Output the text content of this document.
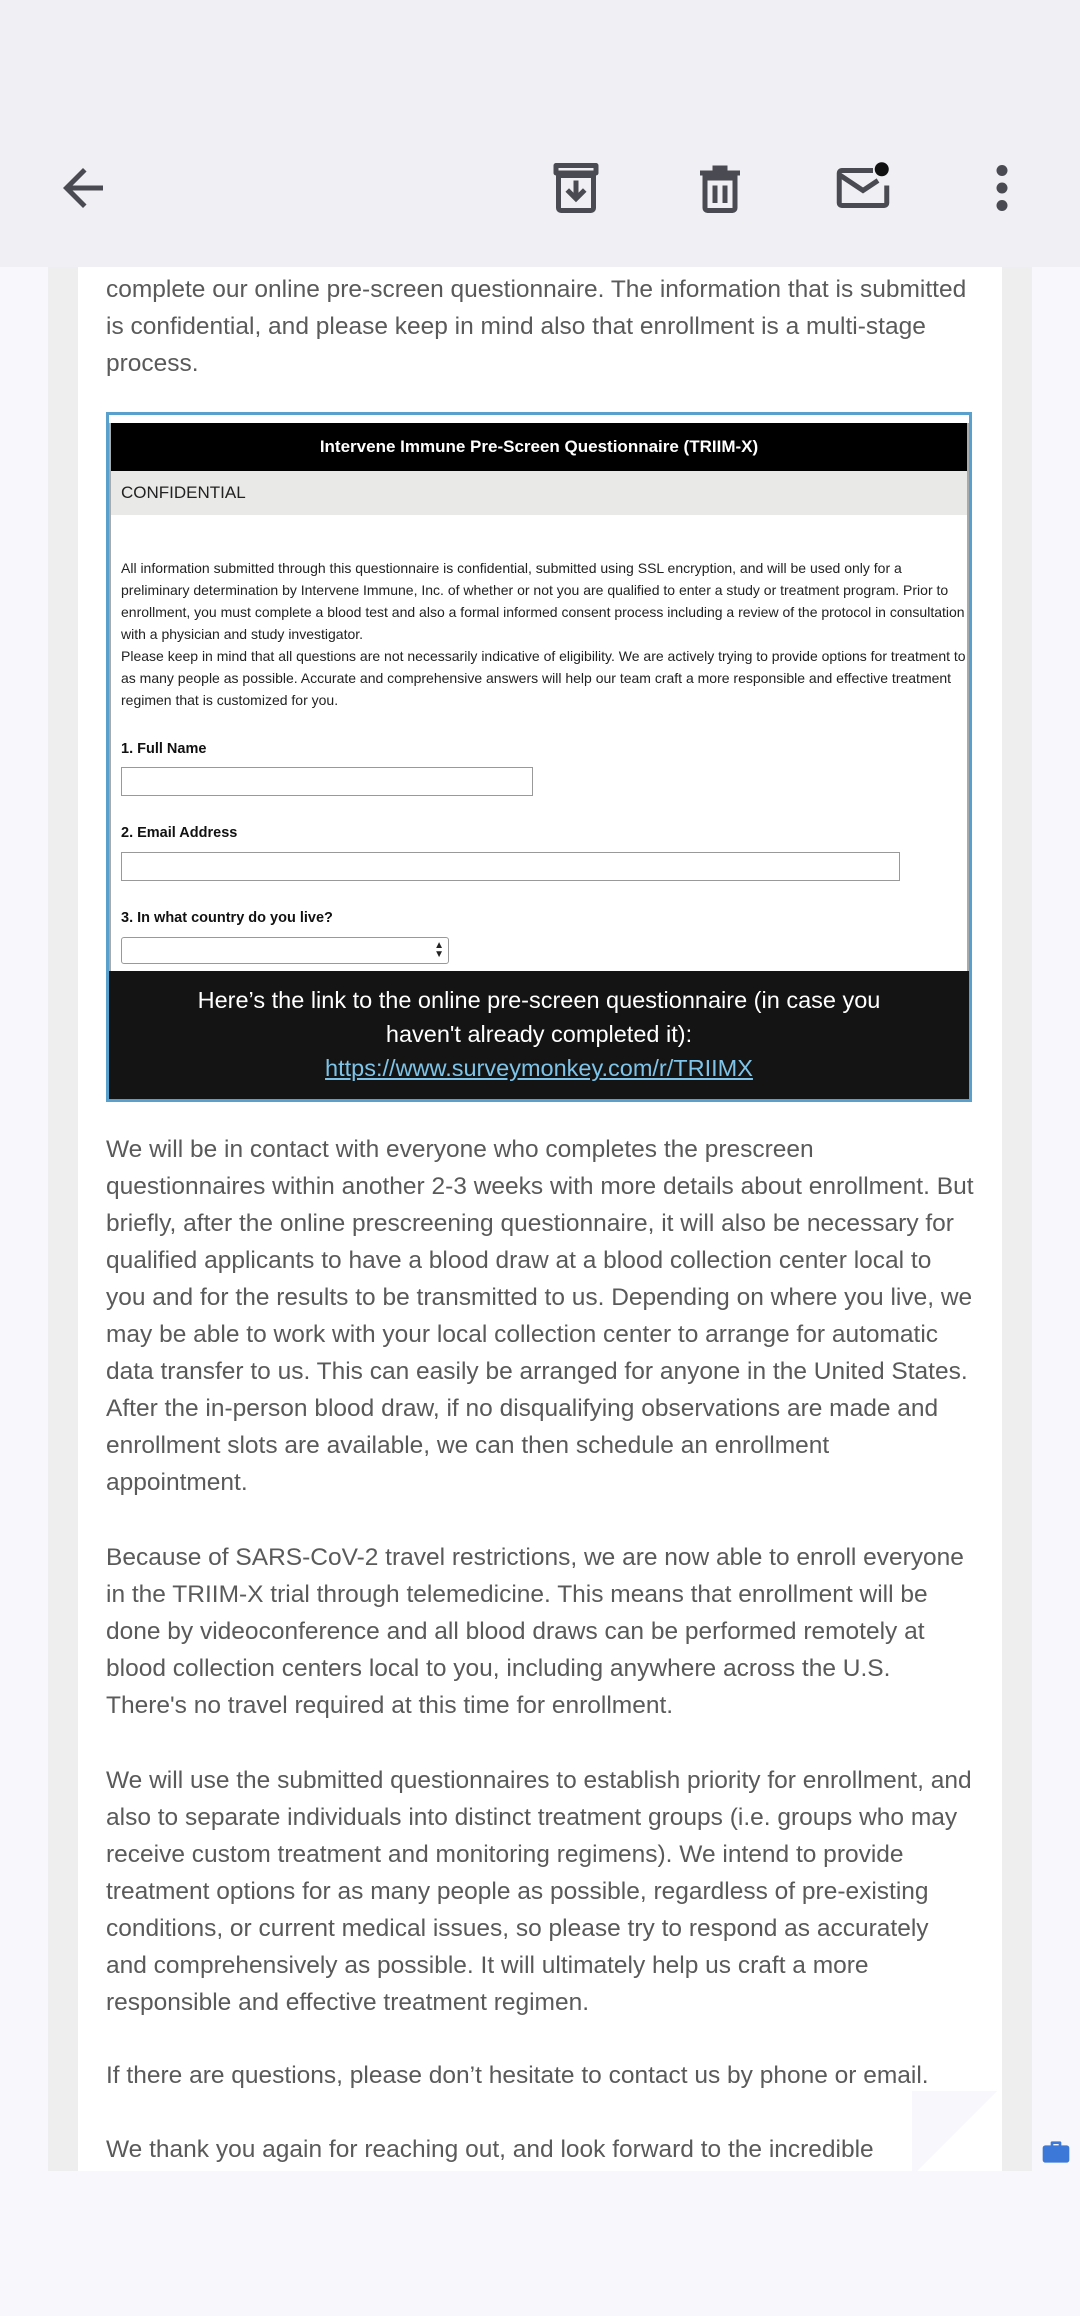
complete our online pre-screen questionnaire. The information that is submitted is confidential, and please keep in mind also that enrollment is a multi-stage process.

Intervene Immune Pre-Screen Questionnaire (TRIIM-X)
CONFIDENTIAL

All information submitted through this questionnaire is confidential, submitted using SSL encryption, and will be used only for a preliminary determination by Intervene Immune, Inc. of whether or not you are qualified to enter a study or treatment program. Prior to enrollment, you must complete a blood test and also a formal informed consent process including a review of the protocol in consultation with a physician and study investigator.

Please keep in mind that all questions are not necessarily indicative of eligibility. We are actively trying to provide options for treatment to as many people as possible. Accurate and comprehensive answers will help our team craft a more responsible and effective treatment regimen that is customized for you.

1. Full Name
2. Email Address
3. In what country do you live?
▲
▼
Here’s the link to the online pre-screen questionnaire (in case you haven't already completed it):
https://www.surveymonkey.com/r/TRIIMX

We will be in contact with everyone who completes the prescreen questionnaires within another 2-3 weeks with more details about enrollment. But briefly, after the online prescreening questionnaire, it will also be necessary for qualified applicants to have a blood draw at a blood collection center local to you and for the results to be transmitted to us. Depending on where you live, we may be able to work with your local collection center to arrange for automatic data transfer to us. This can easily be arranged for anyone in the United States. After the in-person blood draw, if no disqualifying observations are made and enrollment slots are available, we can then schedule an enrollment appointment.

Because of SARS-CoV-2 travel restrictions, we are now able to enroll everyone in the TRIIM-X trial through telemedicine. This means that enrollment will be done by videoconference and all blood draws can be performed remotely at blood collection centers local to you, including anywhere across the U.S. There's no travel required at this time for enrollment.

We will use the submitted questionnaires to establish priority for enrollment, and also to separate individuals into distinct treatment groups (i.e. groups who may receive custom treatment and monitoring regimens). We intend to provide treatment options for as many people as possible, regardless of pre-existing conditions, or current medical issues, so please try to respond as accurately and comprehensively as possible. It will ultimately help us craft a more responsible and effective treatment regimen.

If there are questions, please don’t hesitate to contact us by phone or email.

We thank you again for reaching out, and look forward to the incredible
